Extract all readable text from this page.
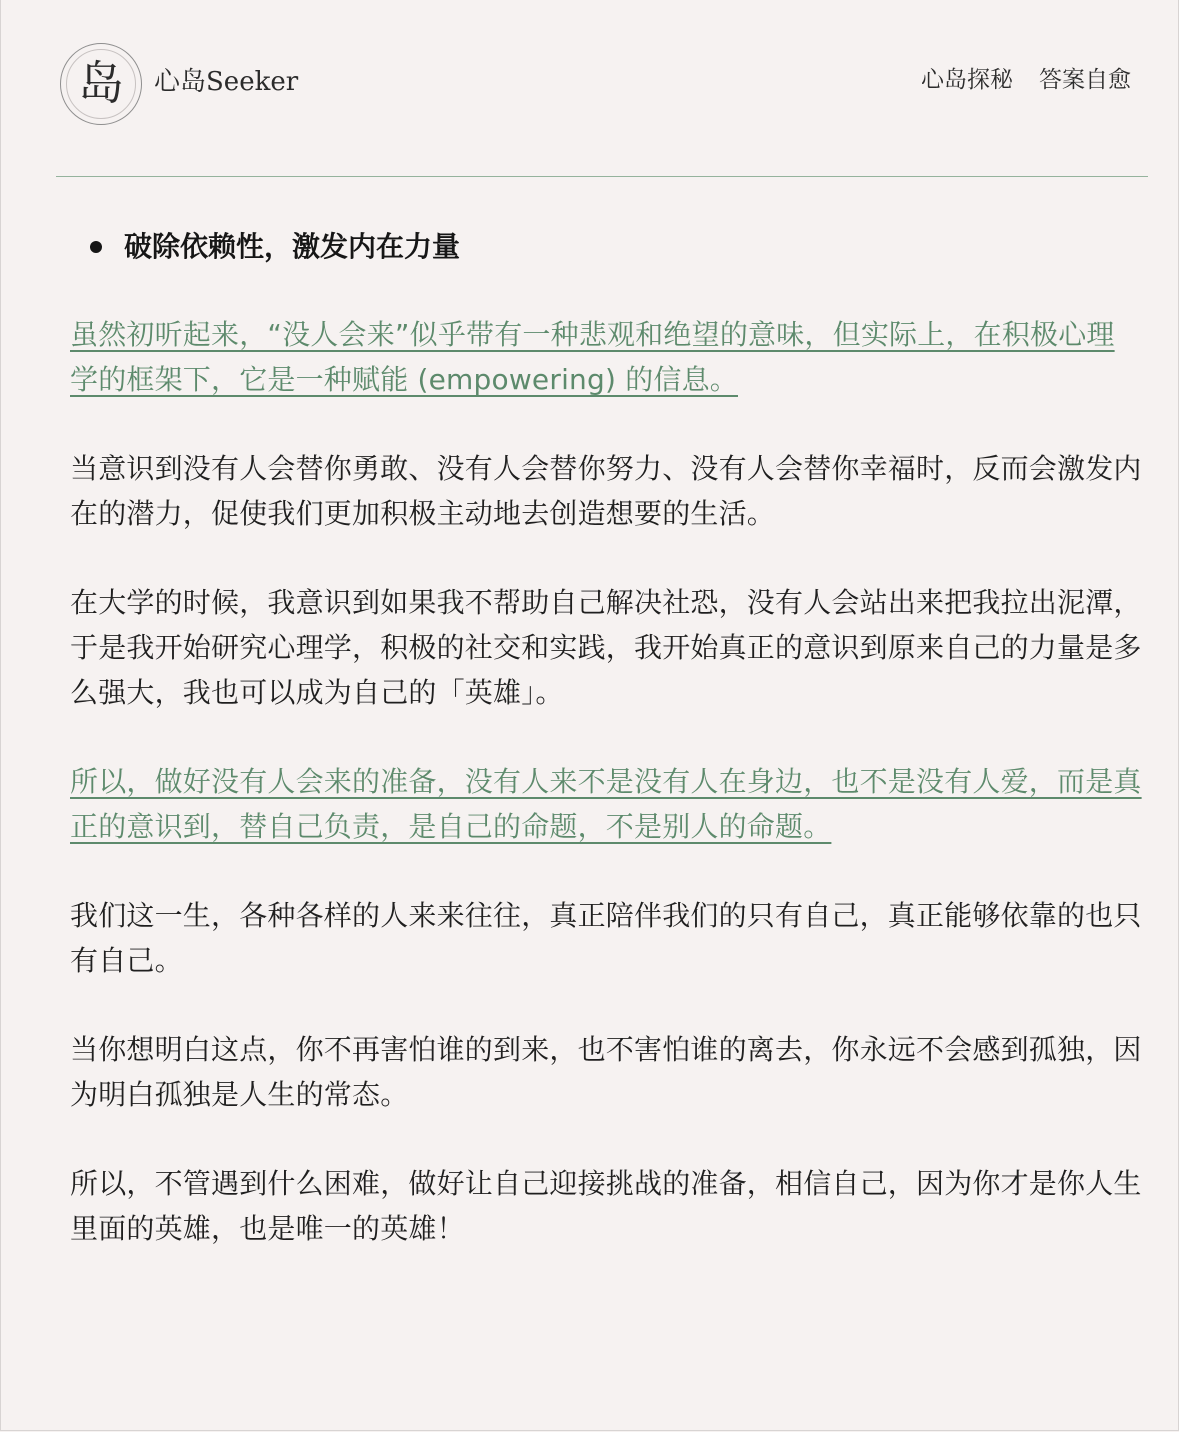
岛 心岛Seeker	心岛探秘 答案自愈
破除依赖性，激发内在力量

虽然初听起来，“没人会来”似乎带有一种悲观和绝望的意味，但实际上，在积极心理学的框架下，它是一种赋能 (empowering) 的信息。

当意识到没有人会替你勇敢、没有人会替你努力、没有人会替你幸福时，反而会激发内在的潜力，促使我们更加积极主动地去创造想要的生活。

在大学的时候，我意识到如果我不帮助自己解决社恐，没有人会站出来把我拉出泥潭，于是我开始研究心理学，积极的社交和实践，我开始真正的意识到原来自己的力量是多么强大，我也可以成为自己的「英雄」。

所以，做好没有人会来的准备，没有人来不是没有人在身边，也不是没有人爱，而是真正的意识到，替自己负责，是自己的命题，不是别人的命题。

我们这一生，各种各样的人来来往往，真正陪伴我们的只有自己，真正能够依靠的也只有自己。

当你想明白这点，你不再害怕谁的到来，也不害怕谁的离去，你永远不会感到孤独，因为明白孤独是人生的常态。

所以，不管遇到什么困难，做好让自己迎接挑战的准备，相信自己，因为你才是你人生里面的英雄，也是唯一的英雄！
